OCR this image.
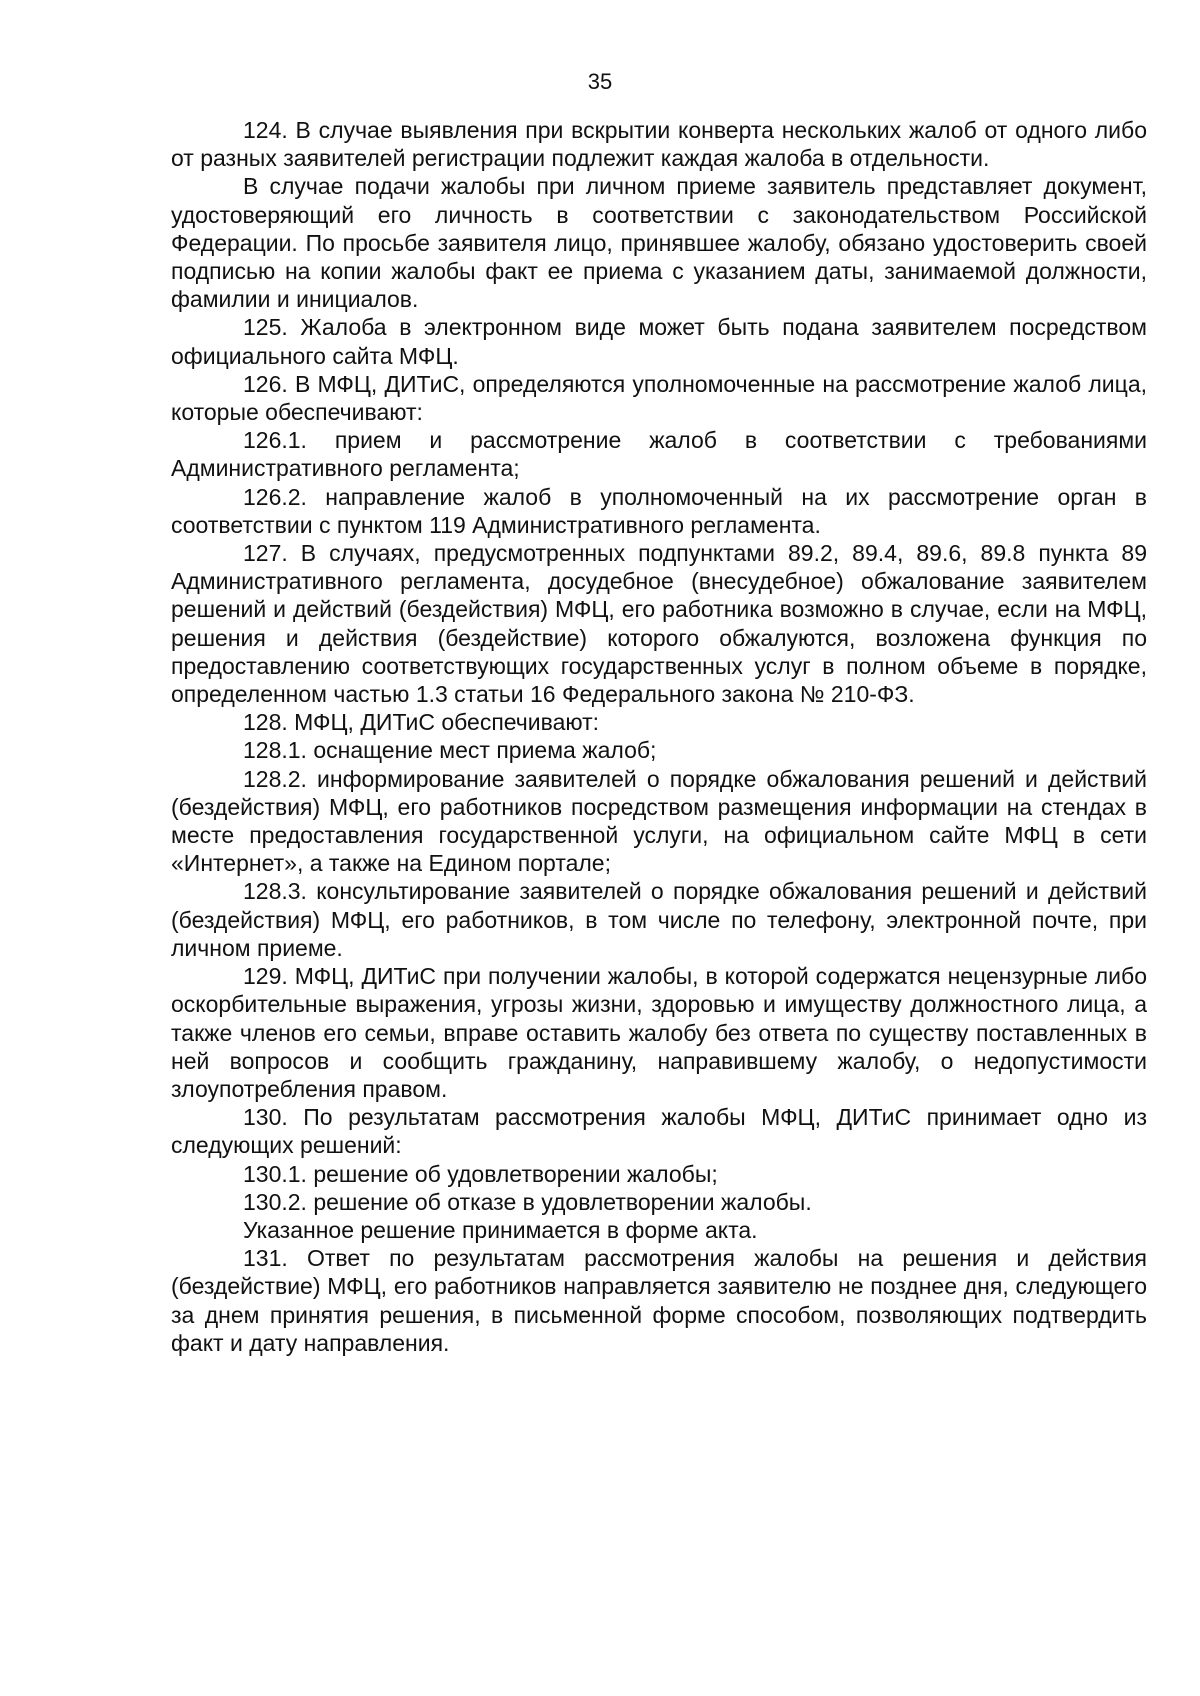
35

124. В случае выявления при вскрытии конверта нескольких жалоб от одного либо от разных заявителей регистрации подлежит каждая жалоба в отдельности.

В случае подачи жалобы при личном приеме заявитель представляет документ, удостоверяющий его личность в соответствии с законодательством Российской Федерации. По просьбе заявителя лицо, принявшее жалобу, обязано удостоверить своей подписью на копии жалобы факт ее приема с указанием даты, занимаемой должности, фамилии и инициалов.

125. Жалоба в электронном виде может быть подана заявителем посредством официального сайта МФЦ.

126. В МФЦ, ДИТиС, определяются уполномоченные на рассмотрение жалоб лица, которые обеспечивают:

126.1. прием и рассмотрение жалоб в соответствии с требованиями Административного регламента;

126.2. направление жалоб в уполномоченный на их рассмотрение орган в соответствии с пунктом 119 Административного регламента.

127. В случаях, предусмотренных подпунктами 89.2, 89.4, 89.6, 89.8 пункта 89 Административного регламента, досудебное (внесудебное) обжалование заявителем решений и действий (бездействия) МФЦ, его работника возможно в случае, если на МФЦ, решения и действия (бездействие) которого обжалуются, возложена функция по предоставлению соответствующих государственных услуг в полном объеме в порядке, определенном частью 1.3 статьи 16 Федерального закона № 210-ФЗ.

128. МФЦ, ДИТиС обеспечивают:

128.1. оснащение мест приема жалоб;

128.2. информирование заявителей о порядке обжалования решений и действий (бездействия) МФЦ, его работников посредством размещения информации на стендах в месте предоставления государственной услуги, на официальном сайте МФЦ в сети «Интернет», а также на Едином портале;

128.3. консультирование заявителей о порядке обжалования решений и действий (бездействия) МФЦ, его работников, в том числе по телефону, электронной почте, при личном приеме.

129. МФЦ, ДИТиС при получении жалобы, в которой содержатся нецензурные либо оскорбительные выражения, угрозы жизни, здоровью и имуществу должностного лица, а также членов его семьи, вправе оставить жалобу без ответа по существу поставленных в ней вопросов и сообщить гражданину, направившему жалобу, о недопустимости злоупотребления правом.

130. По результатам рассмотрения жалобы МФЦ, ДИТиС принимает одно из следующих решений:

130.1. решение об удовлетворении жалобы;

130.2. решение об отказе в удовлетворении жалобы.

Указанное решение принимается в форме акта.

131. Ответ по результатам рассмотрения жалобы на решения и действия (бездействие) МФЦ, его работников направляется заявителю не позднее дня, следующего за днем принятия решения, в письменной форме способом, позволяющих подтвердить факт и дату направления.
